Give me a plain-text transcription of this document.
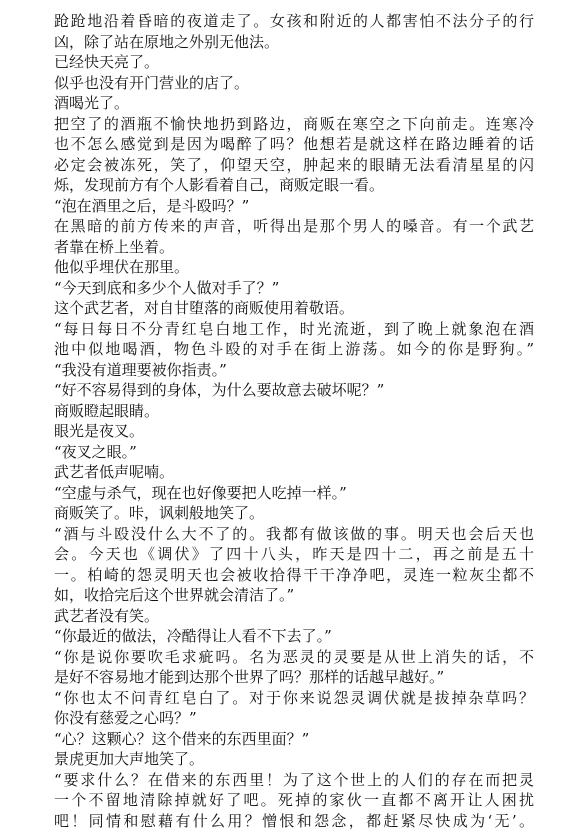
跄跄地沿着昏暗的夜道走了。女孩和附近的人都害怕不法分子的行
凶，除了站在原地之外别无他法。
已经快天亮了。
似乎也没有开门营业的店了。
酒喝光了。
把空了的酒瓶不愉快地扔到路边，商贩在寒空之下向前走。连寒冷
也不怎么感觉到是因为喝醉了吗？他想若是就这样在路边睡着的话
必定会被冻死，笑了，仰望天空，肿起来的眼睛无法看清星星的闪
烁，发现前方有个人影看着自己，商贩定眼一看。
“泡在酒里之后，是斗殴吗？”
在黑暗的前方传来的声音，听得出是那个男人的嗓音。有一个武艺
者靠在桥上坐着。
他似乎埋伏在那里。
“今天到底和多少个人做对手了？”
这个武艺者，对自甘堕落的商贩使用着敬语。
“每日每日不分青红皂白地工作，时光流逝，到了晚上就象泡在酒
池中似地喝酒，物色斗殴的对手在街上游荡。如今的你是野狗。”
“我没有道理要被你指责。”
“好不容易得到的身体，为什么要故意去破坏呢？”
商贩瞪起眼睛。
眼光是夜叉。
“夜叉之眼。”
武艺者低声呢喃。
“空虚与杀气，现在也好像要把人吃掉一样。”
商贩笑了。咔，讽刺般地笑了。
“酒与斗殴没什么大不了的。我都有做该做的事。明天也会后天也
会。今天也《调伏》了四十八头，昨天是四十二，再之前是五十
一。柏崎的怨灵明天也会被收拾得干干净净吧，灵连一粒灰尘都不
如，收拾完后这个世界就会清洁了。”
武艺者没有笑。
“你最近的做法，冷酷得让人看不下去了。”
“你是说你要吹毛求疵吗。名为恶灵的灵要是从世上消失的话，不
是好不容易地才能到达那个世界了吗？那样的话越早越好。”
“你也太不问青红皂白了。对于你来说怨灵调伏就是拔掉杂草吗？
你没有慈爱之心吗？”
“心？这颗心？这个借来的东西里面？”
景虎更加大声地笑了。
“要求什么？在借来的东西里！为了这个世上的人们的存在而把灵
一个不留地清除掉就好了吧。死掉的家伙一直都不离开让人困扰
吧！同情和慰藉有什么用？憎恨和怨念，都赶紧尽快成为‘无’。
